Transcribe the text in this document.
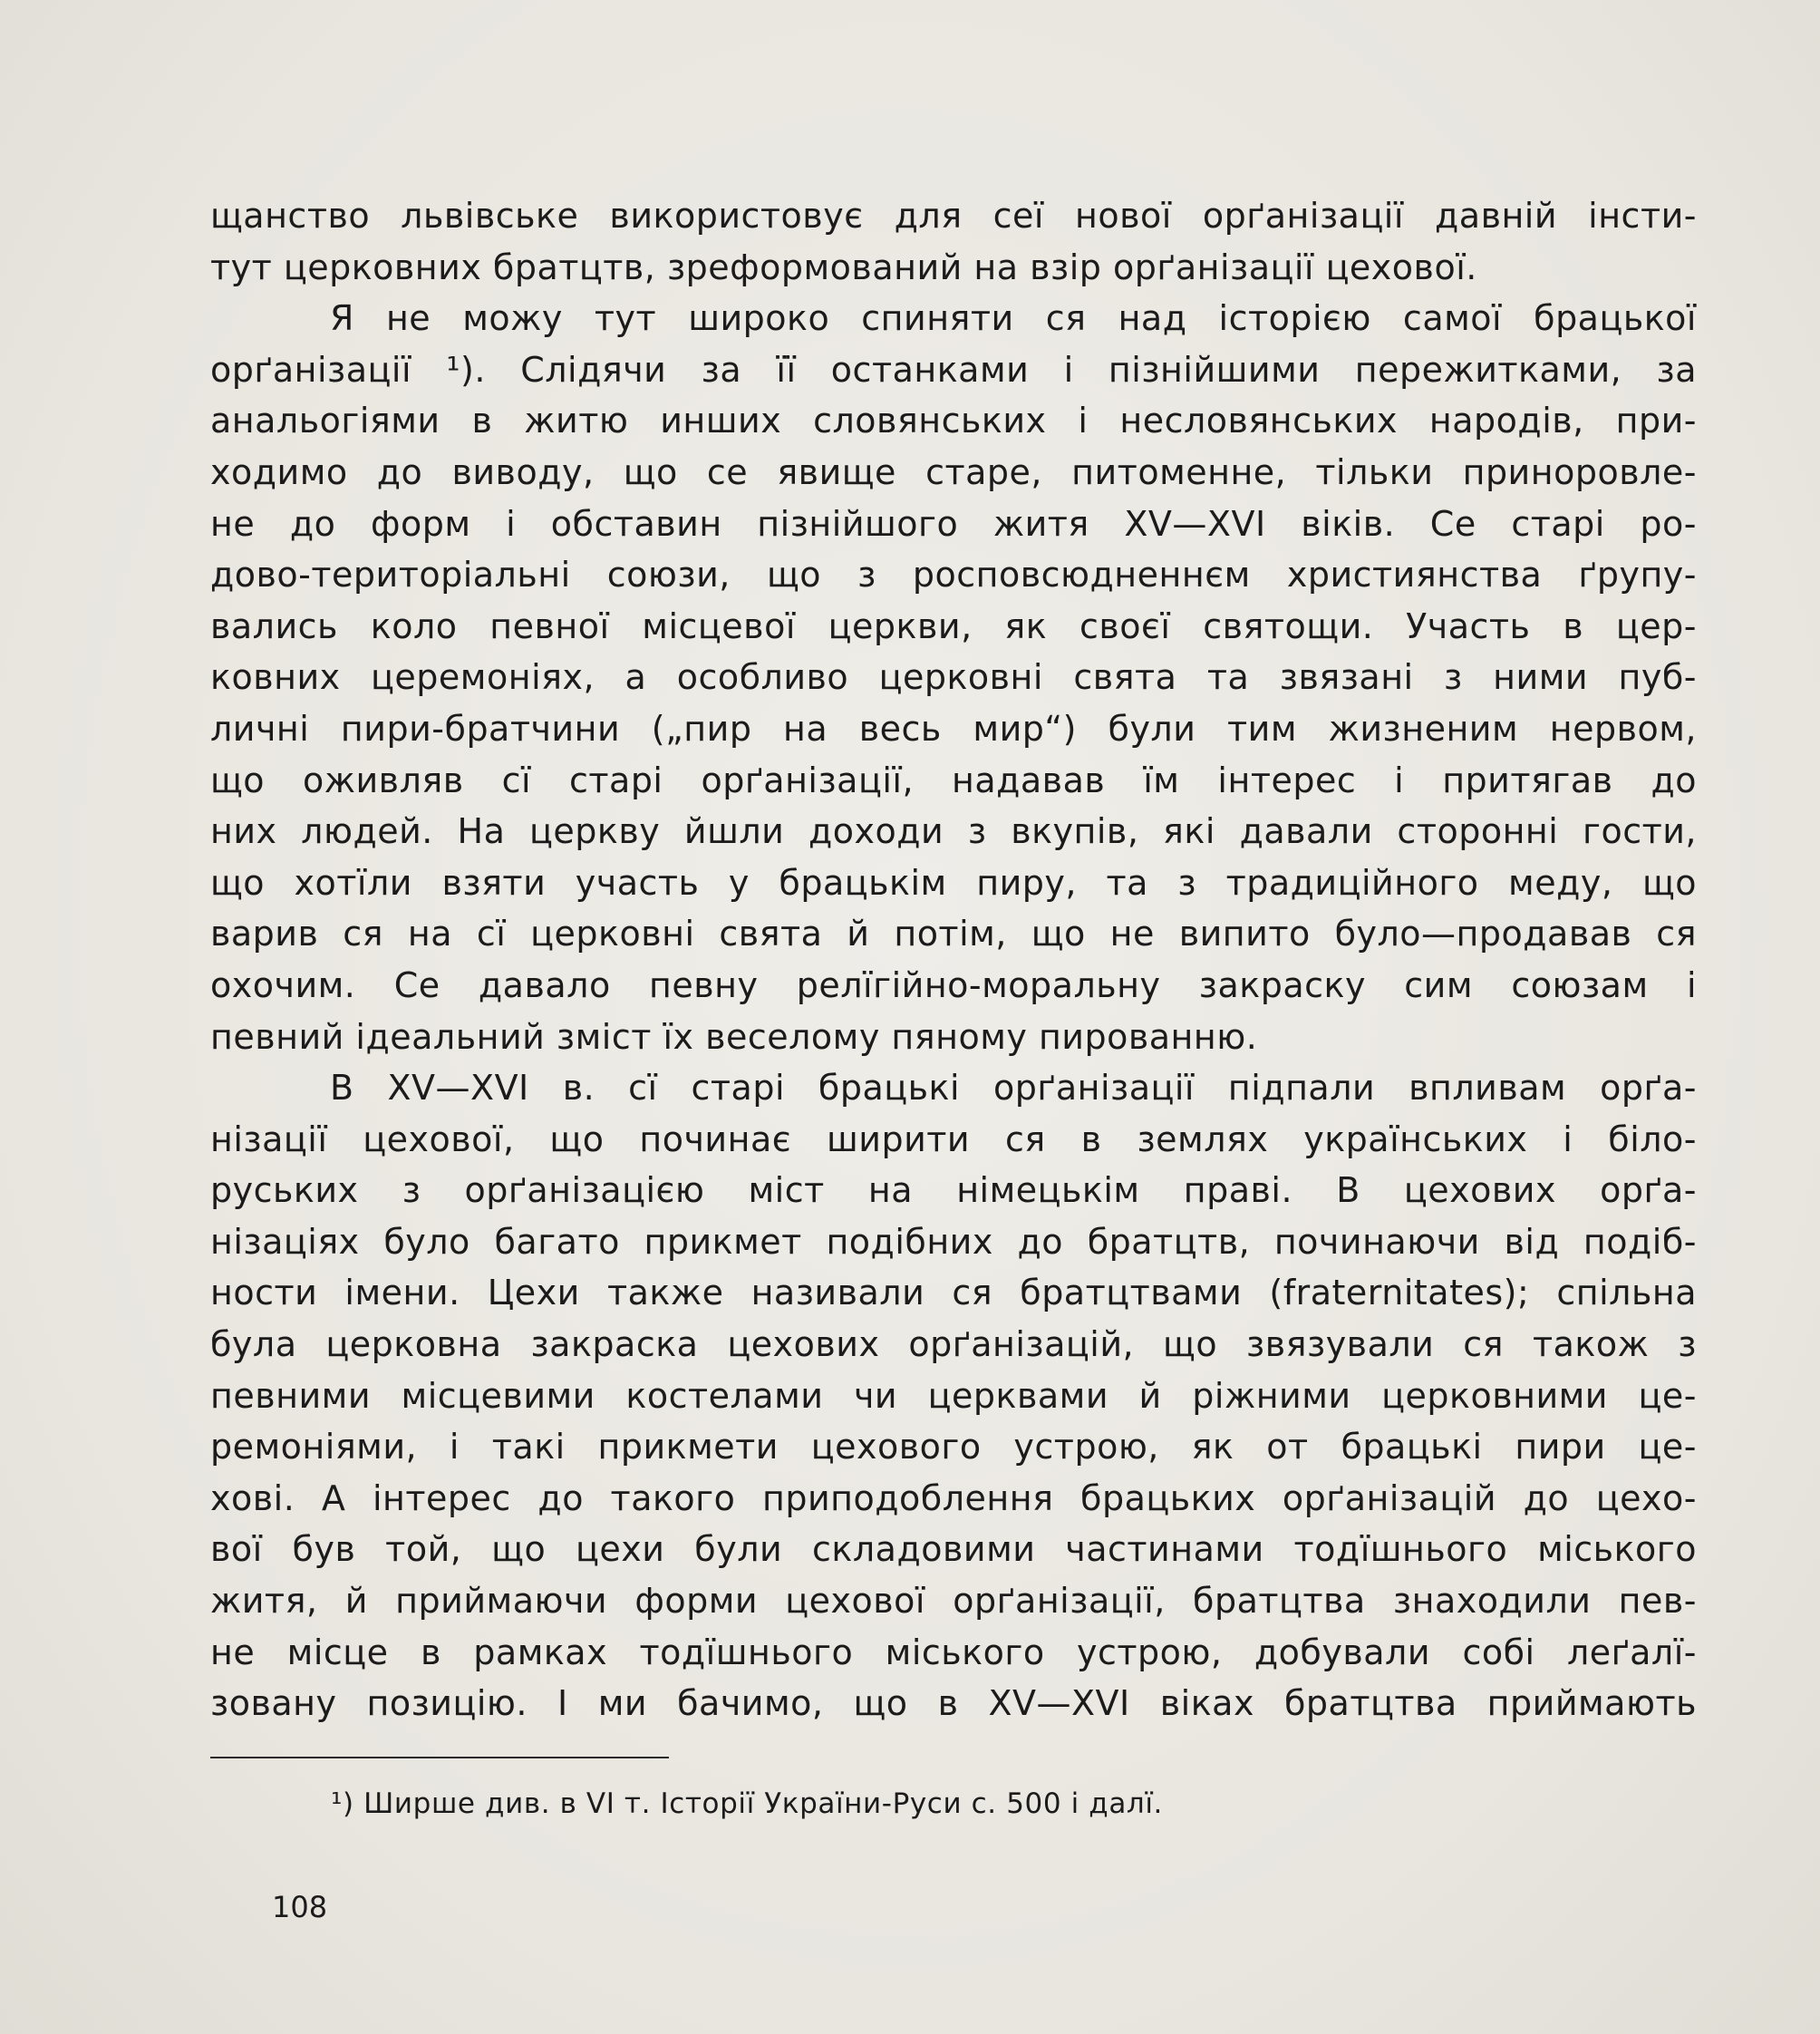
щанство львівське використовує для сеї нової орґанізації давній інсти-
тут церковних братцтв, зреформований на взір орґанізації цехової.
Я не можу тут широко спиняти ся над історією самої брацької
орґанізації ¹). Слідячи за її останками і пізнійшими пережитками, за
анальогіями в житю инших словянських і несловянських народів, при-
ходимо до виводу, що се явище старе, питоменне, тільки приноровле-
не до форм і обставин пізнійшого житя XV—XVI віків. Се старі ро-
дово-територіальні союзи, що з росповсюдненнєм християнства ґрупу-
вались коло певної місцевої церкви, як своєї святощи. Участь в цер-
ковних церемоніях, а особливо церковні свята та звязані з ними пуб-
личні пири-братчини („пир на весь мир“) були тим жизненим нервом,
що оживляв сї старі орґанізації, надавав їм інтерес і притягав до
них людей. На церкву йшли доходи з вкупів, які давали сторонні гости,
що хотїли взяти участь у брацькім пиру, та з традиційного меду, що
варив ся на сї церковні свята й потім, що не випито було—продавав ся
охочим. Се давало певну релїгійно-моральну закраску сим союзам і
певний ідеальний зміст їх веселому пяному пированню.
В XV—XVI в. сї старі брацькі орґанізації підпали впливам орґа-
нізації цехової, що починає ширити ся в землях українських і біло-
руських з орґанізацією міст на німецькім праві. В цехових орґа-
нізаціях було багато прикмет подібних до братцтв, починаючи від подіб-
ности імени. Цехи также називали ся братцтвами (fraternitates); спільна
була церковна закраска цехових орґанізацій, що звязували ся також з
певними місцевими костелами чи церквами й ріжними церковними це-
ремоніями, і такі прикмети цехового устрою, як от брацькі пири це-
хові. А інтерес до такого приподоблення брацьких орґанізацій до цехо-
вої був той, що цехи були складовими частинами тодїшнього міського
житя, й приймаючи форми цехової орґанізації, братцтва знаходили пев-
не місце в рамках тодїшнього міського устрою, добували собі леґалї-
зовану позицію. І ми бачимо, що в XV—XVI віках братцтва приймають
¹) Ширше див. в VI т. Історії України-Руси с. 500 і далї.
108
